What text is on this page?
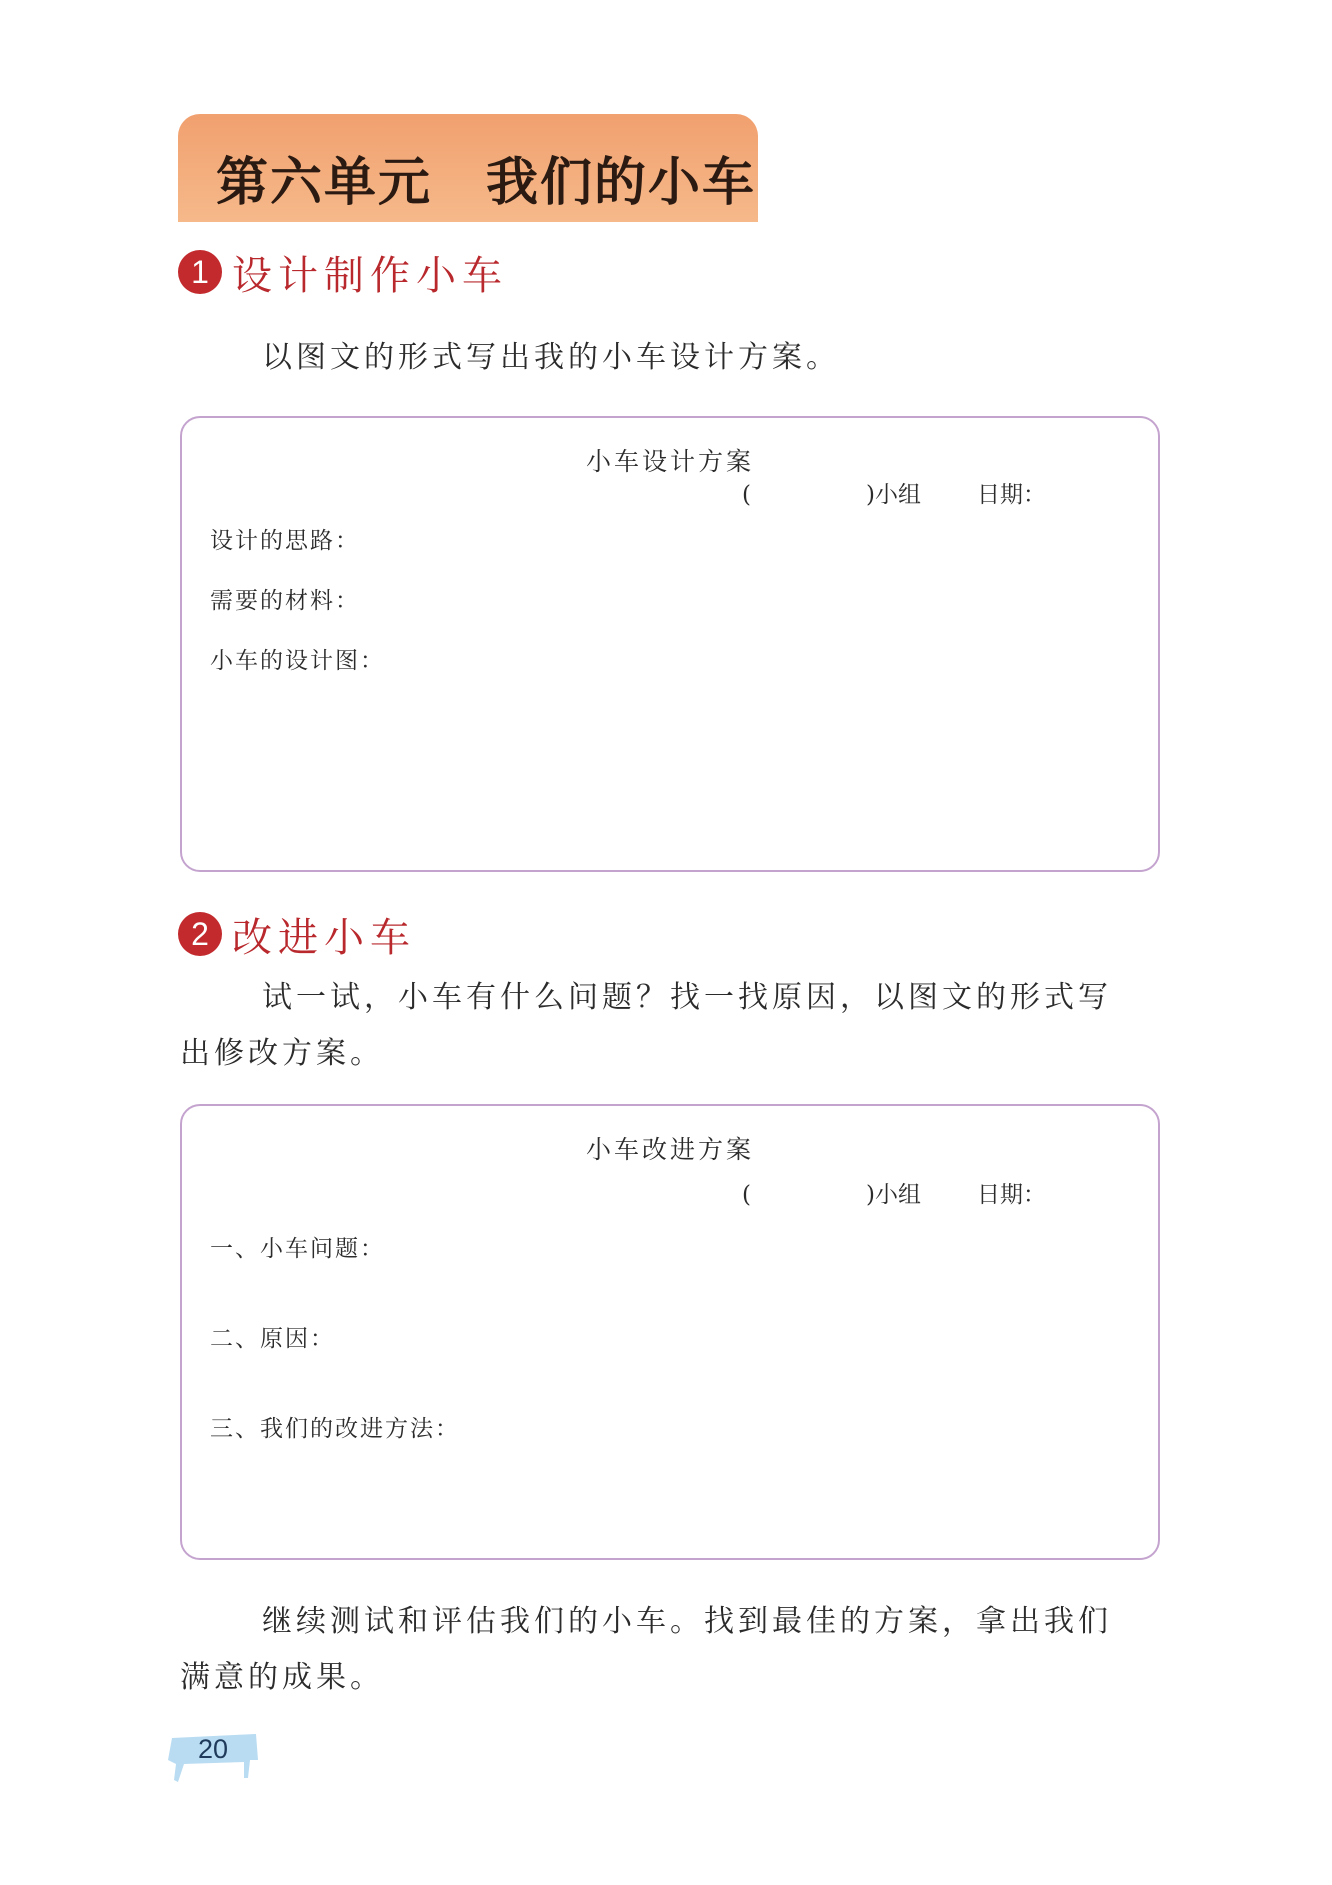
第六单元　我们的小车
1 设计制作小车
以图文的形式写出我的小车设计方案。
小车设计方案
(　　　　　)小组 日期：
设计的思路：
需要的材料：
小车的设计图：
2 改进小车
试一试，小车有什么问题？找一找原因，以图文的形式写
出修改方案。
小车改进方案
(　　　　　)小组 日期：
一、小车问题：
二、原因：
三、我们的改进方法：
继续测试和评估我们的小车。找到最佳的方案，拿出我们
满意的成果。
20
